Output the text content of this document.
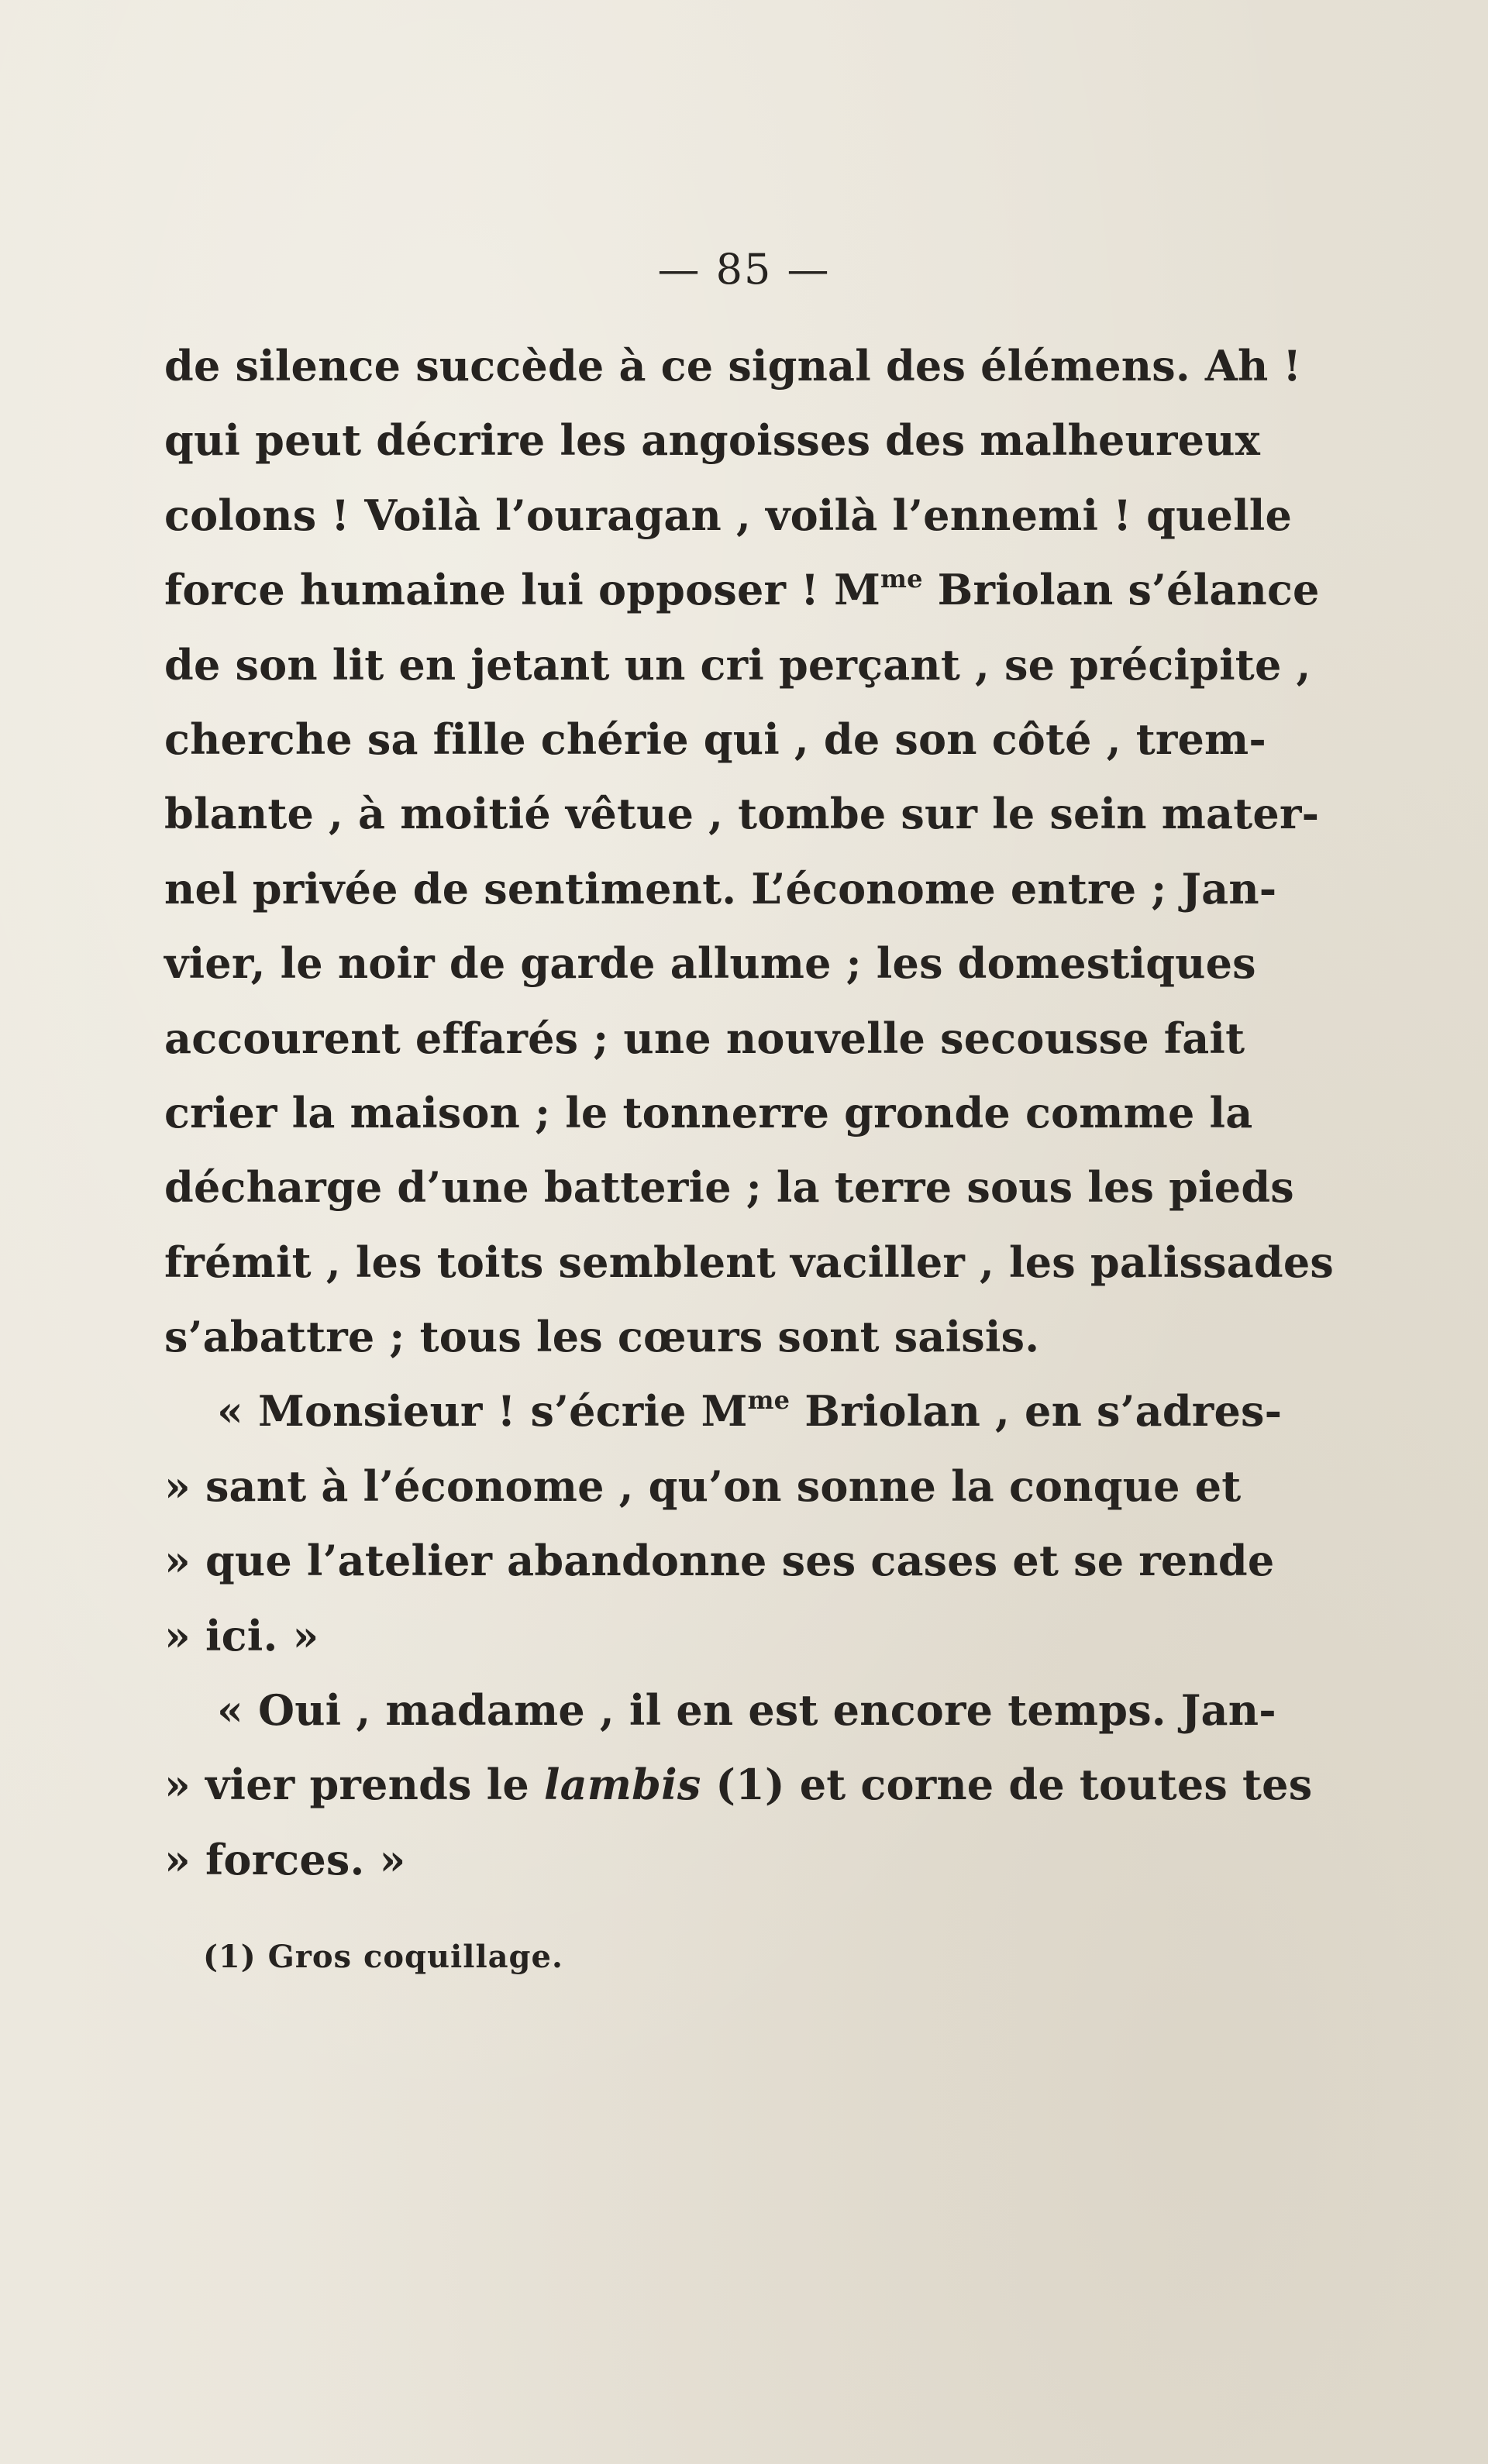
— 85 —
de silence succède à ce signal des élémens. Ah !
qui peut décrire les angoisses des malheureux
colons ! Voilà l’ouragan , voilà l’ennemi ! quelle
force humaine lui opposer ! $M^{me}$ Briolan s’élance
de son lit en jetant un cri perçant , se précipite ,
cherche sa fille chérie qui , de son côté , trem-
blante , à moitié vêtue , tombe sur le sein mater-
nel privée de sentiment. L’économe entre ; Jan-
vier, le noir de garde allume ; les domestiques
accourent effarés ; une nouvelle secousse fait
crier la maison ; le tonnerre gronde comme la
décharge d’une batterie ; la terre sous les pieds
frémit , les toits semblent vaciller , les palissades
s’abattre ; tous les cœurs sont saisis.
« Monsieur ! s’écrie $M^{me}$ Briolan , en s’adres-
» sant à l’économe , qu’on sonne la conque et
» que l’atelier abandonne ses cases et se rende
» ici. »
« Oui , madame , il en est encore temps. Jan-
» vier prends le lambis (1) et corne de toutes tes
» forces. »
(1) Gros coquillage.
